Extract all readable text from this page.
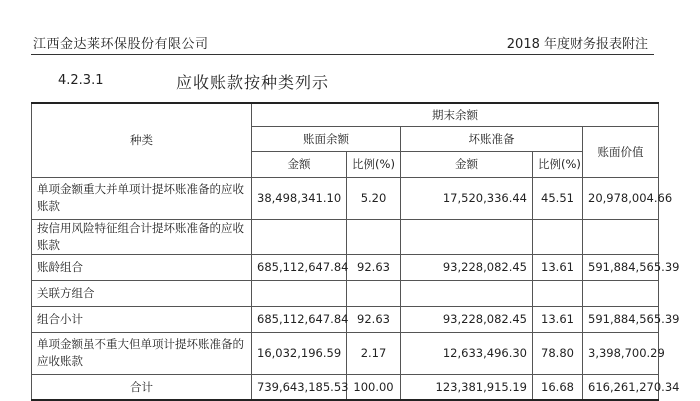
江西金达莱环保股份有限公司	2018 年度财务报表附注
4.2.3.1	应收账款按种类列示
种类	期末余额				
	账面余额		坏账准备		账面价值
	金额	比例(%)	金额	比例(%)	
单项金额重大并单项计提坏账准备的应收账款	38,498,341.10	5.20	17,520,336.44	45.51	20,978,004.66
按信用风险特征组合计提坏账准备的应收账款					
账龄组合	685,112,647.84	92.63	93,228,082.45	13.61	591,884,565.39
关联方组合					
组合小计	685,112,647.84	92.63	93,228,082.45	13.61	591,884,565.39
单项金额虽不重大但单项计提坏账准备的应收账款	16,032,196.59	2.17	12,633,496.30	78.80	3,398,700.29
合计	739,643,185.53	100.00	123,381,915.19	16.68	616,261,270.34
